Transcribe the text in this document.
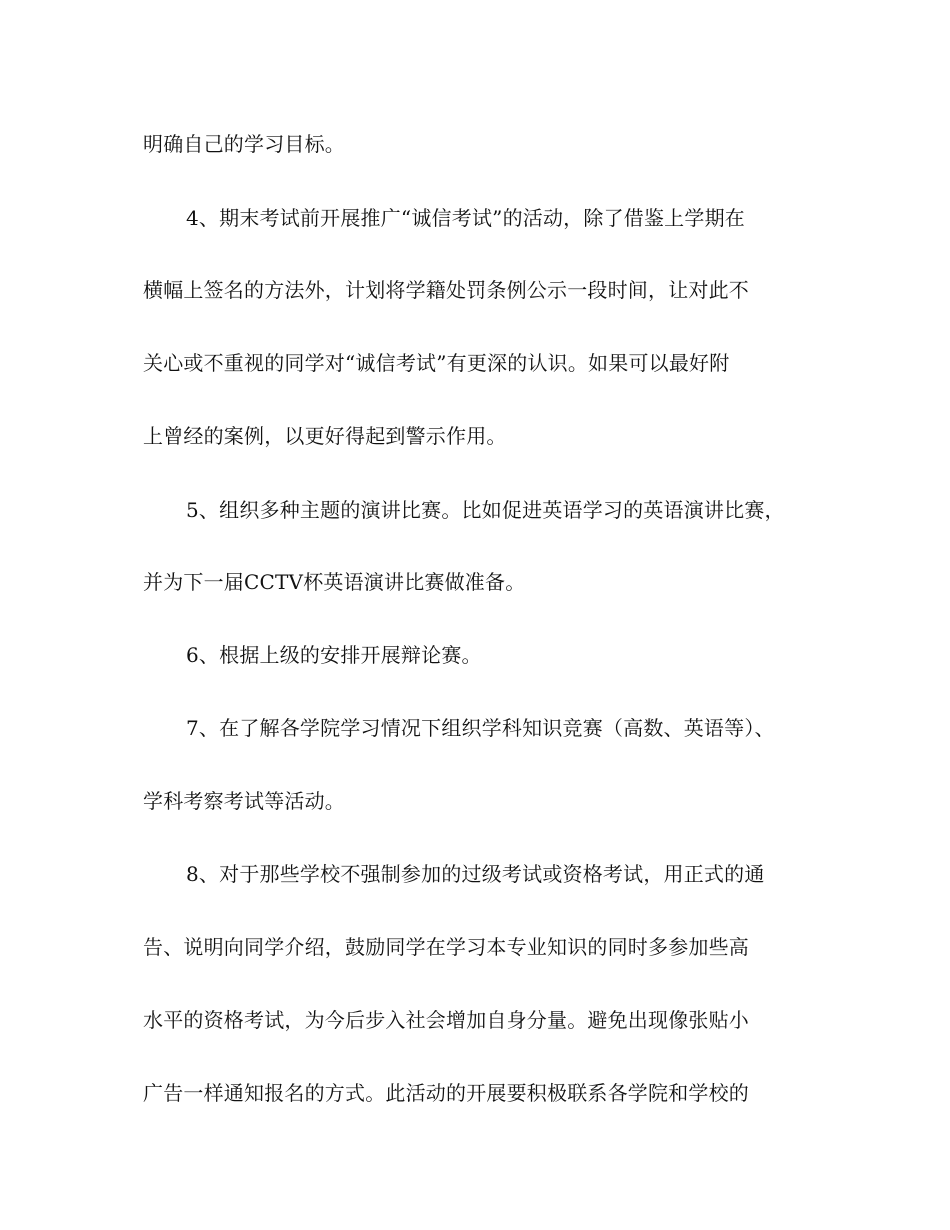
明确自己的学习目标。
4、期末考试前开展推广“诚信考试”的活动，除了借鉴上学期在
横幅上签名的方法外，计划将学籍处罚条例公示一段时间，让对此不
关心或不重视的同学对“诚信考试”有更深的认识。如果可以最好附
上曾经的案例，以更好得起到警示作用。
5、组织多种主题的演讲比赛。比如促进英语学习的英语演讲比赛，
并为下一届CCTV杯英语演讲比赛做准备。
6、根据上级的安排开展辩论赛。
7、在了解各学院学习情况下组织学科知识竞赛（高数、英语等）、
学科考察考试等活动。
8、对于那些学校不强制参加的过级考试或资格考试，用正式的通
告、说明向同学介绍，鼓励同学在学习本专业知识的同时多参加些高
水平的资格考试，为今后步入社会增加自身分量。避免出现像张贴小
广告一样通知报名的方式。此活动的开展要积极联系各学院和学校的
